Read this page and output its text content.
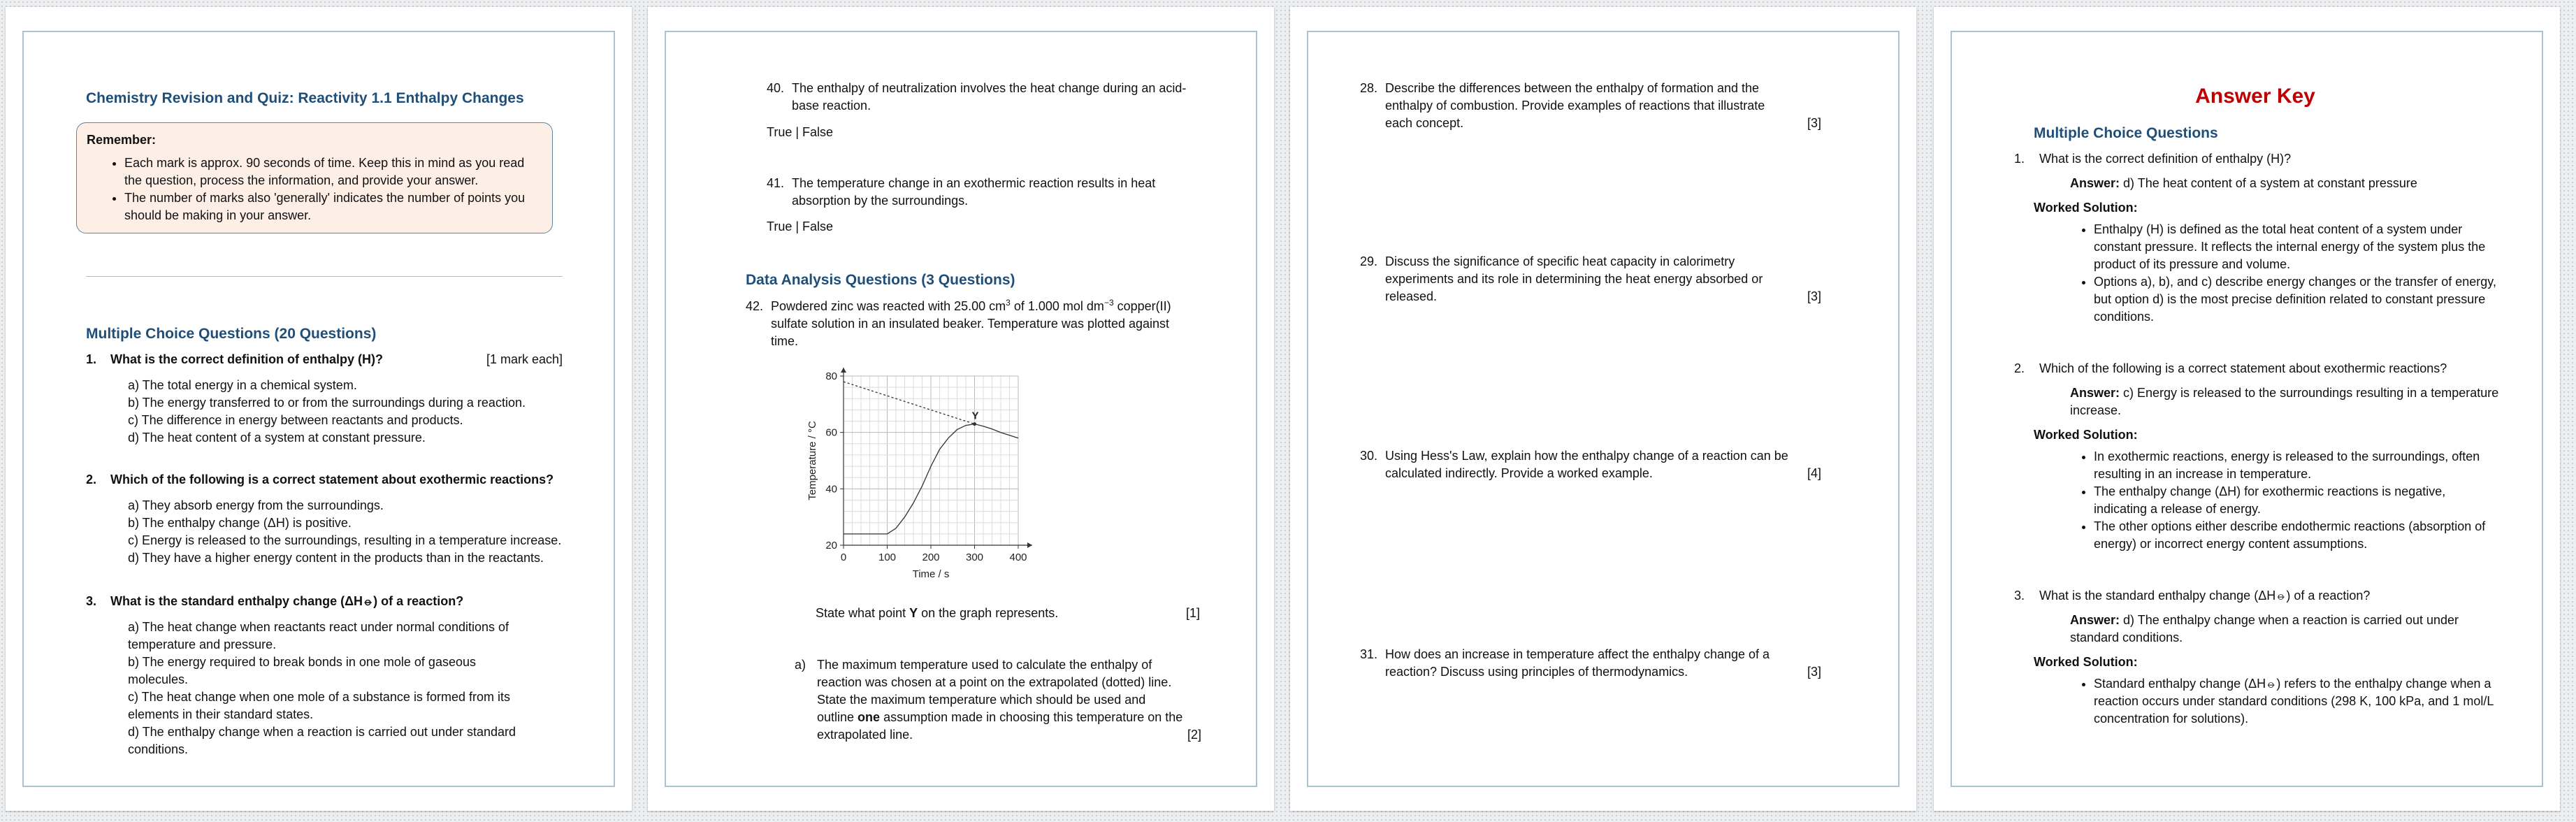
Chemistry Revision and Quiz: Reactivity 1.1 Enthalpy Changes
Remember:
• Each mark is approx. 90 seconds of time. Keep this in mind as you read the question, process the information, and provide your answer.
• The number of marks also 'generally' indicates the number of points you should be making in your answer.
Multiple Choice Questions (20 Questions)
1. What is the correct definition of enthalpy (H)?	[1 mark each]
a) The total energy in a chemical system.
b) The energy transferred to or from the surroundings during a reaction.
c) The difference in energy between reactants and products.
d) The heat content of a system at constant pressure.
2. Which of the following is a correct statement about exothermic reactions?
a) They absorb energy from the surroundings.
b) The enthalpy change (ΔH) is positive.
c) Energy is released to the surroundings, resulting in a temperature increase.
d) They have a higher energy content in the products than in the reactants.
3. What is the standard enthalpy change (ΔH⦵) of a reaction?
a) The heat change when reactants react under normal conditions of temperature and pressure.
b) The energy required to break bonds in one mole of gaseous molecules.
c) The heat change when one mole of a substance is formed from its elements in their standard states.
d) The enthalpy change when a reaction is carried out under standard conditions.
40. The enthalpy of neutralization involves the heat change during an acid-base reaction.
True | False
41. The temperature change in an exothermic reaction results in heat absorption by the surroundings.
True | False
Data Analysis Questions (3 Questions)
42. Powdered zinc was reacted with 25.00 $cm^3$ of 1.000 mol $dm^{-3}$ copper(II) sulfate solution in an insulated beaker. Temperature was plotted against time.
0	100 200 300 400
20
40
60
80
Time / s
Temperature / °C
Y
State what point Y on the graph represents.	[1]
a) The maximum temperature used to calculate the enthalpy of reaction was chosen at a point on the extrapolated (dotted) line. State the maximum temperature which should be used and outline one assumption made in choosing this temperature on the extrapolated line.	[2]
28. Describe the differences between the enthalpy of formation and the enthalpy of combustion. Provide examples of reactions that illustrate each concept.	[3]
29. Discuss the significance of specific heat capacity in calorimetry experiments and its role in determining the heat energy absorbed or released.	[3]
30. Using Hess's Law, explain how the enthalpy change of a reaction can be calculated indirectly. Provide a worked example.	[4]
31. How does an increase in temperature affect the enthalpy change of a reaction? Discuss using principles of thermodynamics.	[3]
Answer Key
Multiple Choice Questions
1.	What is the correct definition of enthalpy (H)?
Answer: d) The heat content of a system at constant pressure
Worked Solution:
• Enthalpy (H) is defined as the total heat content of a system under constant pressure. It reflects the internal energy of the system plus the product of its pressure and volume.
• Options a), b), and c) describe energy changes or the transfer of energy, but option d) is the most precise definition related to constant pressure conditions.
2.	Which of the following is a correct statement about exothermic reactions?
Answer: c) Energy is released to the surroundings resulting in a temperature increase.
Worked Solution:
• In exothermic reactions, energy is released to the surroundings, often resulting in an increase in temperature.
• The enthalpy change (ΔH) for exothermic reactions is negative, indicating a release of energy.
• The other options either describe endothermic reactions (absorption of energy) or incorrect energy content assumptions.
3.	What is the standard enthalpy change (ΔH⦵) of a reaction?
Answer: d) The enthalpy change when a reaction is carried out under standard conditions.
Worked Solution:
• Standard enthalpy change (ΔH⦵) refers to the enthalpy change when a reaction occurs under standard conditions (298 K, 100 kPa, and 1 mol/L concentration for solutions).
